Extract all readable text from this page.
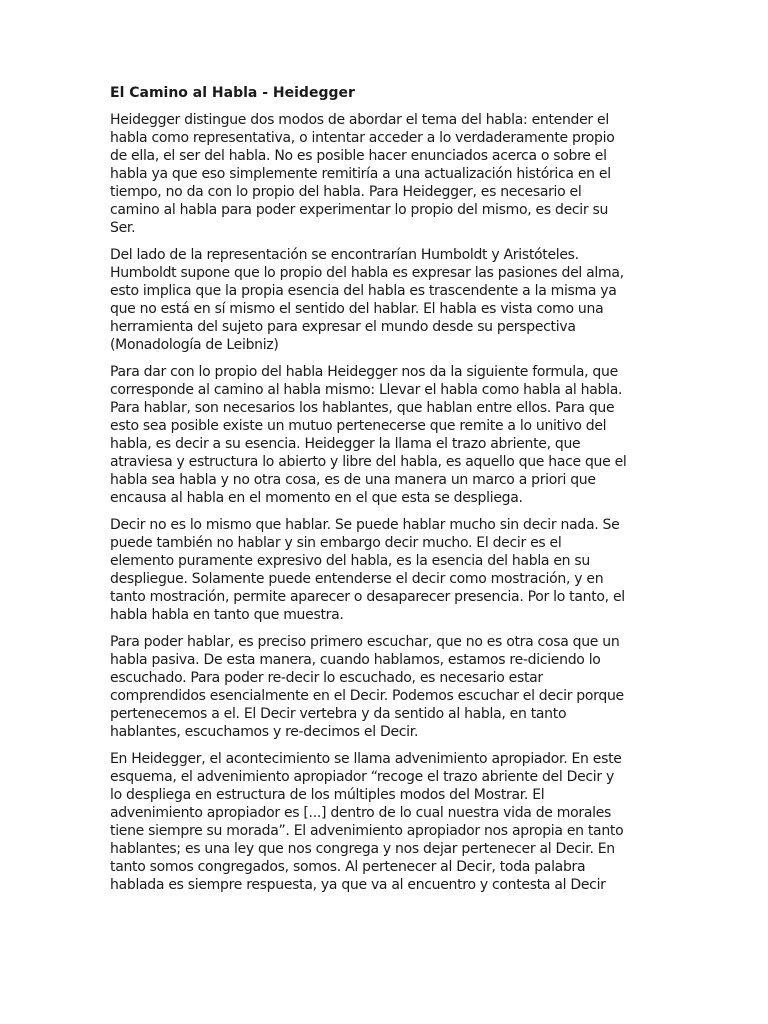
El Camino al Habla - Heidegger

Heidegger distingue dos modos de abordar el tema del habla: entender el
habla como representativa, o intentar acceder a lo verdaderamente propio
de ella, el ser del habla. No es posible hacer enunciados acerca o sobre el
habla ya que eso simplemente remitiría a una actualización histórica en el
tiempo, no da con lo propio del habla. Para Heidegger, es necesario el
camino al habla para poder experimentar lo propio del mismo, es decir su
Ser.

Del lado de la representación se encontrarían Humboldt y Aristóteles.
Humboldt supone que lo propio del habla es expresar las pasiones del alma,
esto implica que la propia esencia del habla es trascendente a la misma ya
que no está en sí mismo el sentido del hablar. El habla es vista como una
herramienta del sujeto para expresar el mundo desde su perspectiva
(Monadología de Leibniz)

Para dar con lo propio del habla Heidegger nos da la siguiente formula, que
corresponde al camino al habla mismo: Llevar el habla como habla al habla.
Para hablar, son necesarios los hablantes, que hablan entre ellos. Para que
esto sea posible existe un mutuo pertenecerse que remite a lo unitivo del
habla, es decir a su esencia. Heidegger la llama el trazo abriente, que
atraviesa y estructura lo abierto y libre del habla, es aquello que hace que el
habla sea habla y no otra cosa, es de una manera un marco a priori que
encausa al habla en el momento en el que esta se despliega.

Decir no es lo mismo que hablar. Se puede hablar mucho sin decir nada. Se
puede también no hablar y sin embargo decir mucho. El decir es el
elemento puramente expresivo del habla, es la esencia del habla en su
despliegue. Solamente puede entenderse el decir como mostración, y en
tanto mostración, permite aparecer o desaparecer presencia. Por lo tanto, el
habla habla en tanto que muestra.

Para poder hablar, es preciso primero escuchar, que no es otra cosa que un
habla pasiva. De esta manera, cuando hablamos, estamos re-diciendo lo
escuchado. Para poder re-decir lo escuchado, es necesario estar
comprendidos esencialmente en el Decir. Podemos escuchar el decir porque
pertenecemos a el. El Decir vertebra y da sentido al habla, en tanto
hablantes, escuchamos y re-decimos el Decir.

En Heidegger, el acontecimiento se llama advenimiento apropiador. En este
esquema, el advenimiento apropiador “recoge el trazo abriente del Decir y
lo despliega en estructura de los múltiples modos del Mostrar. El
advenimiento apropiador es [...] dentro de lo cual nuestra vida de morales
tiene siempre su morada”. El advenimiento apropiador nos apropia en tanto
hablantes; es una ley que nos congrega y nos dejar pertenecer al Decir. En
tanto somos congregados, somos. Al pertenecer al Decir, toda palabra
hablada es siempre respuesta, ya que va al encuentro y contesta al Decir
